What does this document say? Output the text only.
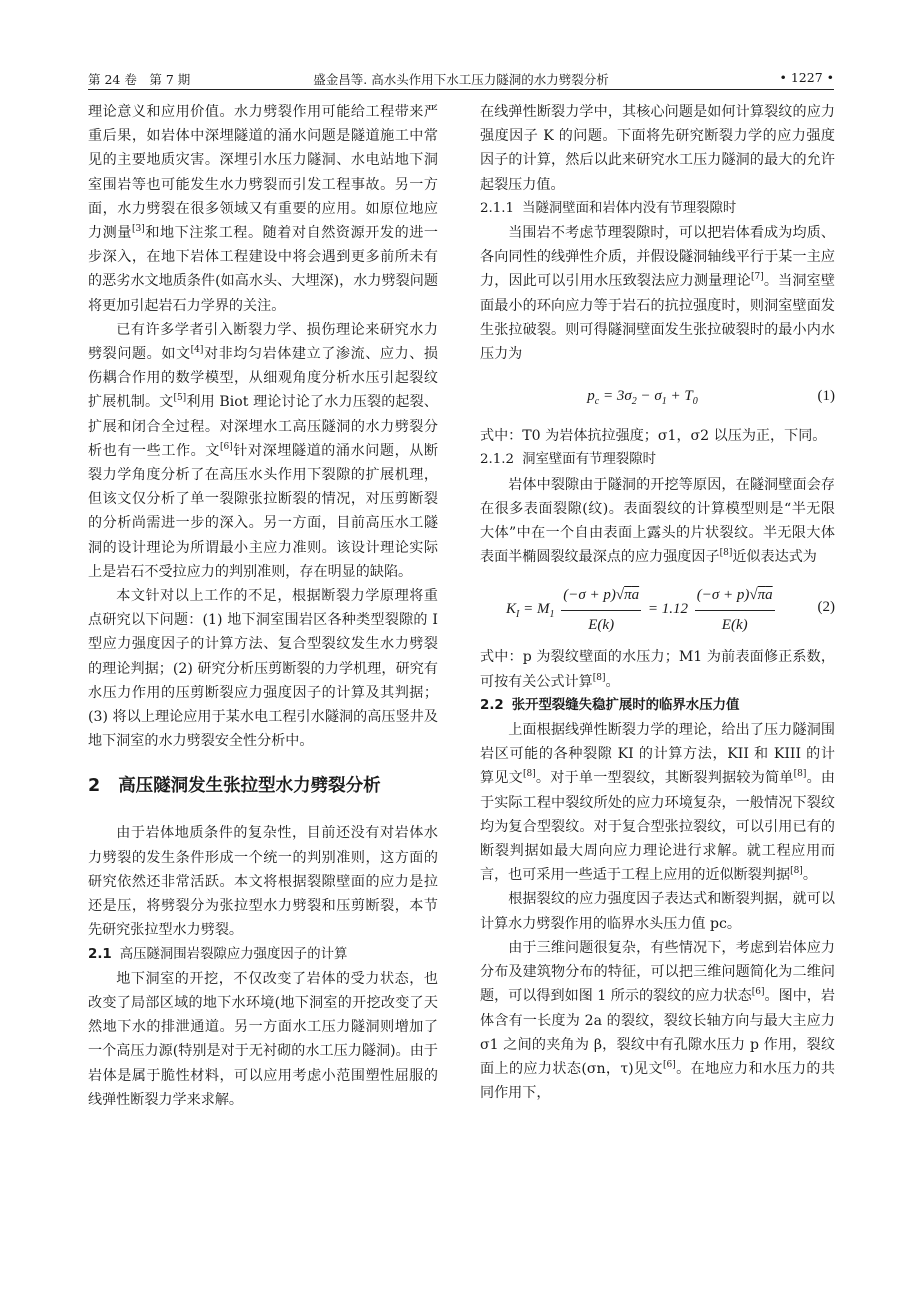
第 24 卷　第 7 期	盛金昌等. 高水头作用下水工压力隧洞的水力劈裂分析	• 1227 •

理论意义和应用价值。水力劈裂作用可能给工程带来严重后果，如岩体中深埋隧道的涌水问题是隧道施工中常见的主要地质灾害。深埋引水压力隧洞、水电站地下洞室围岩等也可能发生水力劈裂而引发工程事故。另一方面，水力劈裂在很多领域又有重要的应用。如原位地应力测量[3]和地下注浆工程。随着对自然资源开发的进一步深入，在地下岩体工程建设中将会遇到更多前所未有的恶劣水文地质条件(如高水头、大埋深)，水力劈裂问题将更加引起岩石力学界的关注。

已有许多学者引入断裂力学、损伤理论来研究水力劈裂问题。如文[4]对非均匀岩体建立了渗流、应力、损伤耦合作用的数学模型，从细观角度分析水压引起裂纹扩展机制。文[5]利用 Biot 理论讨论了水力压裂的起裂、扩展和闭合全过程。对深埋水工高压隧洞的水力劈裂分析也有一些工作。文[6]针对深埋隧道的涌水问题，从断裂力学角度分析了在高压水头作用下裂隙的扩展机理，但该文仅分析了单一裂隙张拉断裂的情况，对压剪断裂的分析尚需进一步的深入。另一方面，目前高压水工隧洞的设计理论为所谓最小主应力准则。该设计理论实际上是岩石不受拉应力的判别准则，存在明显的缺陷。

本文针对以上工作的不足，根据断裂力学原理将重点研究以下问题：(1) 地下洞室围岩区各种类型裂隙的 I 型应力强度因子的计算方法、复合型裂纹发生水力劈裂的理论判据；(2) 研究分析压剪断裂的力学机理，研究有水压力作用的压剪断裂应力强度因子的计算及其判据；(3) 将以上理论应用于某水电工程引水隧洞的高压竖井及地下洞室的水力劈裂安全性分析中。

2 高压隧洞发生张拉型水力劈裂分析

由于岩体地质条件的复杂性，目前还没有对岩体水力劈裂的发生条件形成一个统一的判别准则，这方面的研究依然还非常活跃。本文将根据裂隙壁面的应力是拉还是压，将劈裂分为张拉型水力劈裂和压剪断裂，本节先研究张拉型水力劈裂。

2.1 高压隧洞围岩裂隙应力强度因子的计算

地下洞室的开挖，不仅改变了岩体的受力状态，也改变了局部区域的地下水环境(地下洞室的开挖改变了天然地下水的排泄通道。另一方面水工压力隧洞则增加了一个高压力源(特别是对于无衬砌的水工压力隧洞)。由于岩体是属于脆性材料，可以应用考虑小范围塑性屈服的线弹性断裂力学来求解。

在线弹性断裂力学中，其核心问题是如何计算裂纹的应力强度因子 K 的问题。下面将先研究断裂力学的应力强度因子的计算，然后以此来研究水工压力隧洞的最大的允许起裂压力值。

2.1.1 当隧洞壁面和岩体内没有节理裂隙时

当围岩不考虑节理裂隙时，可以把岩体看成为均质、各向同性的线弹性介质，并假设隧洞轴线平行于某一主应力，因此可以引用水压致裂法应力测量理论[7]。当洞室壁面最小的环向应力等于岩石的抗拉强度时，则洞室壁面发生张拉破裂。则可得隧洞壁面发生张拉破裂时的最小内水压力为

$p_c = 3\sigma_2 - \sigma_1 + T_0$	(1)

式中：T0 为岩体抗拉强度；σ1，σ2 以压为正，下同。

2.1.2 洞室壁面有节理裂隙时

岩体中裂隙由于隧洞的开挖等原因，在隧洞壁面会存在很多表面裂隙(纹)。表面裂纹的计算模型则是“半无限大体”中在一个自由表面上露头的片状裂纹。半无限大体表面半椭圆裂纹最深点的应力强度因子[8]近似表达式为

$K_I = M_1 \frac{(-\sigma + p)√\pi a}{E(k)} = 1.12 \frac{(-\sigma + p)√\pi a}{E(k)}$	(2)

式中：p 为裂纹壁面的水压力；M1 为前表面修正系数，可按有关公式计算[8]。

2.2 张开型裂缝失稳扩展时的临界水压力值

上面根据线弹性断裂力学的理论，给出了压力隧洞围岩区可能的各种裂隙 KI 的计算方法，KII 和 KIII 的计算见文[8]。对于单一型裂纹，其断裂判据较为简单[8]。由于实际工程中裂纹所处的应力环境复杂，一般情况下裂纹均为复合型裂纹。对于复合型张拉裂纹，可以引用已有的断裂判据如最大周向应力理论进行求解。就工程应用而言，也可采用一些适于工程上应用的近似断裂判据[8]。

根据裂纹的应力强度因子表达式和断裂判据，就可以计算水力劈裂作用的临界水头压力值 pc。

由于三维问题很复杂，有些情况下，考虑到岩体应力分布及建筑物分布的特征，可以把三维问题简化为二维问题，可以得到如图 1 所示的裂纹的应力状态[6]。图中，岩体含有一长度为 2a 的裂纹，裂纹长轴方向与最大主应力 σ1 之间的夹角为 β，裂纹中有孔隙水压力 p 作用，裂纹面上的应力状态(σn，τ)见文[6]。在地应力和水压力的共同作用下，
